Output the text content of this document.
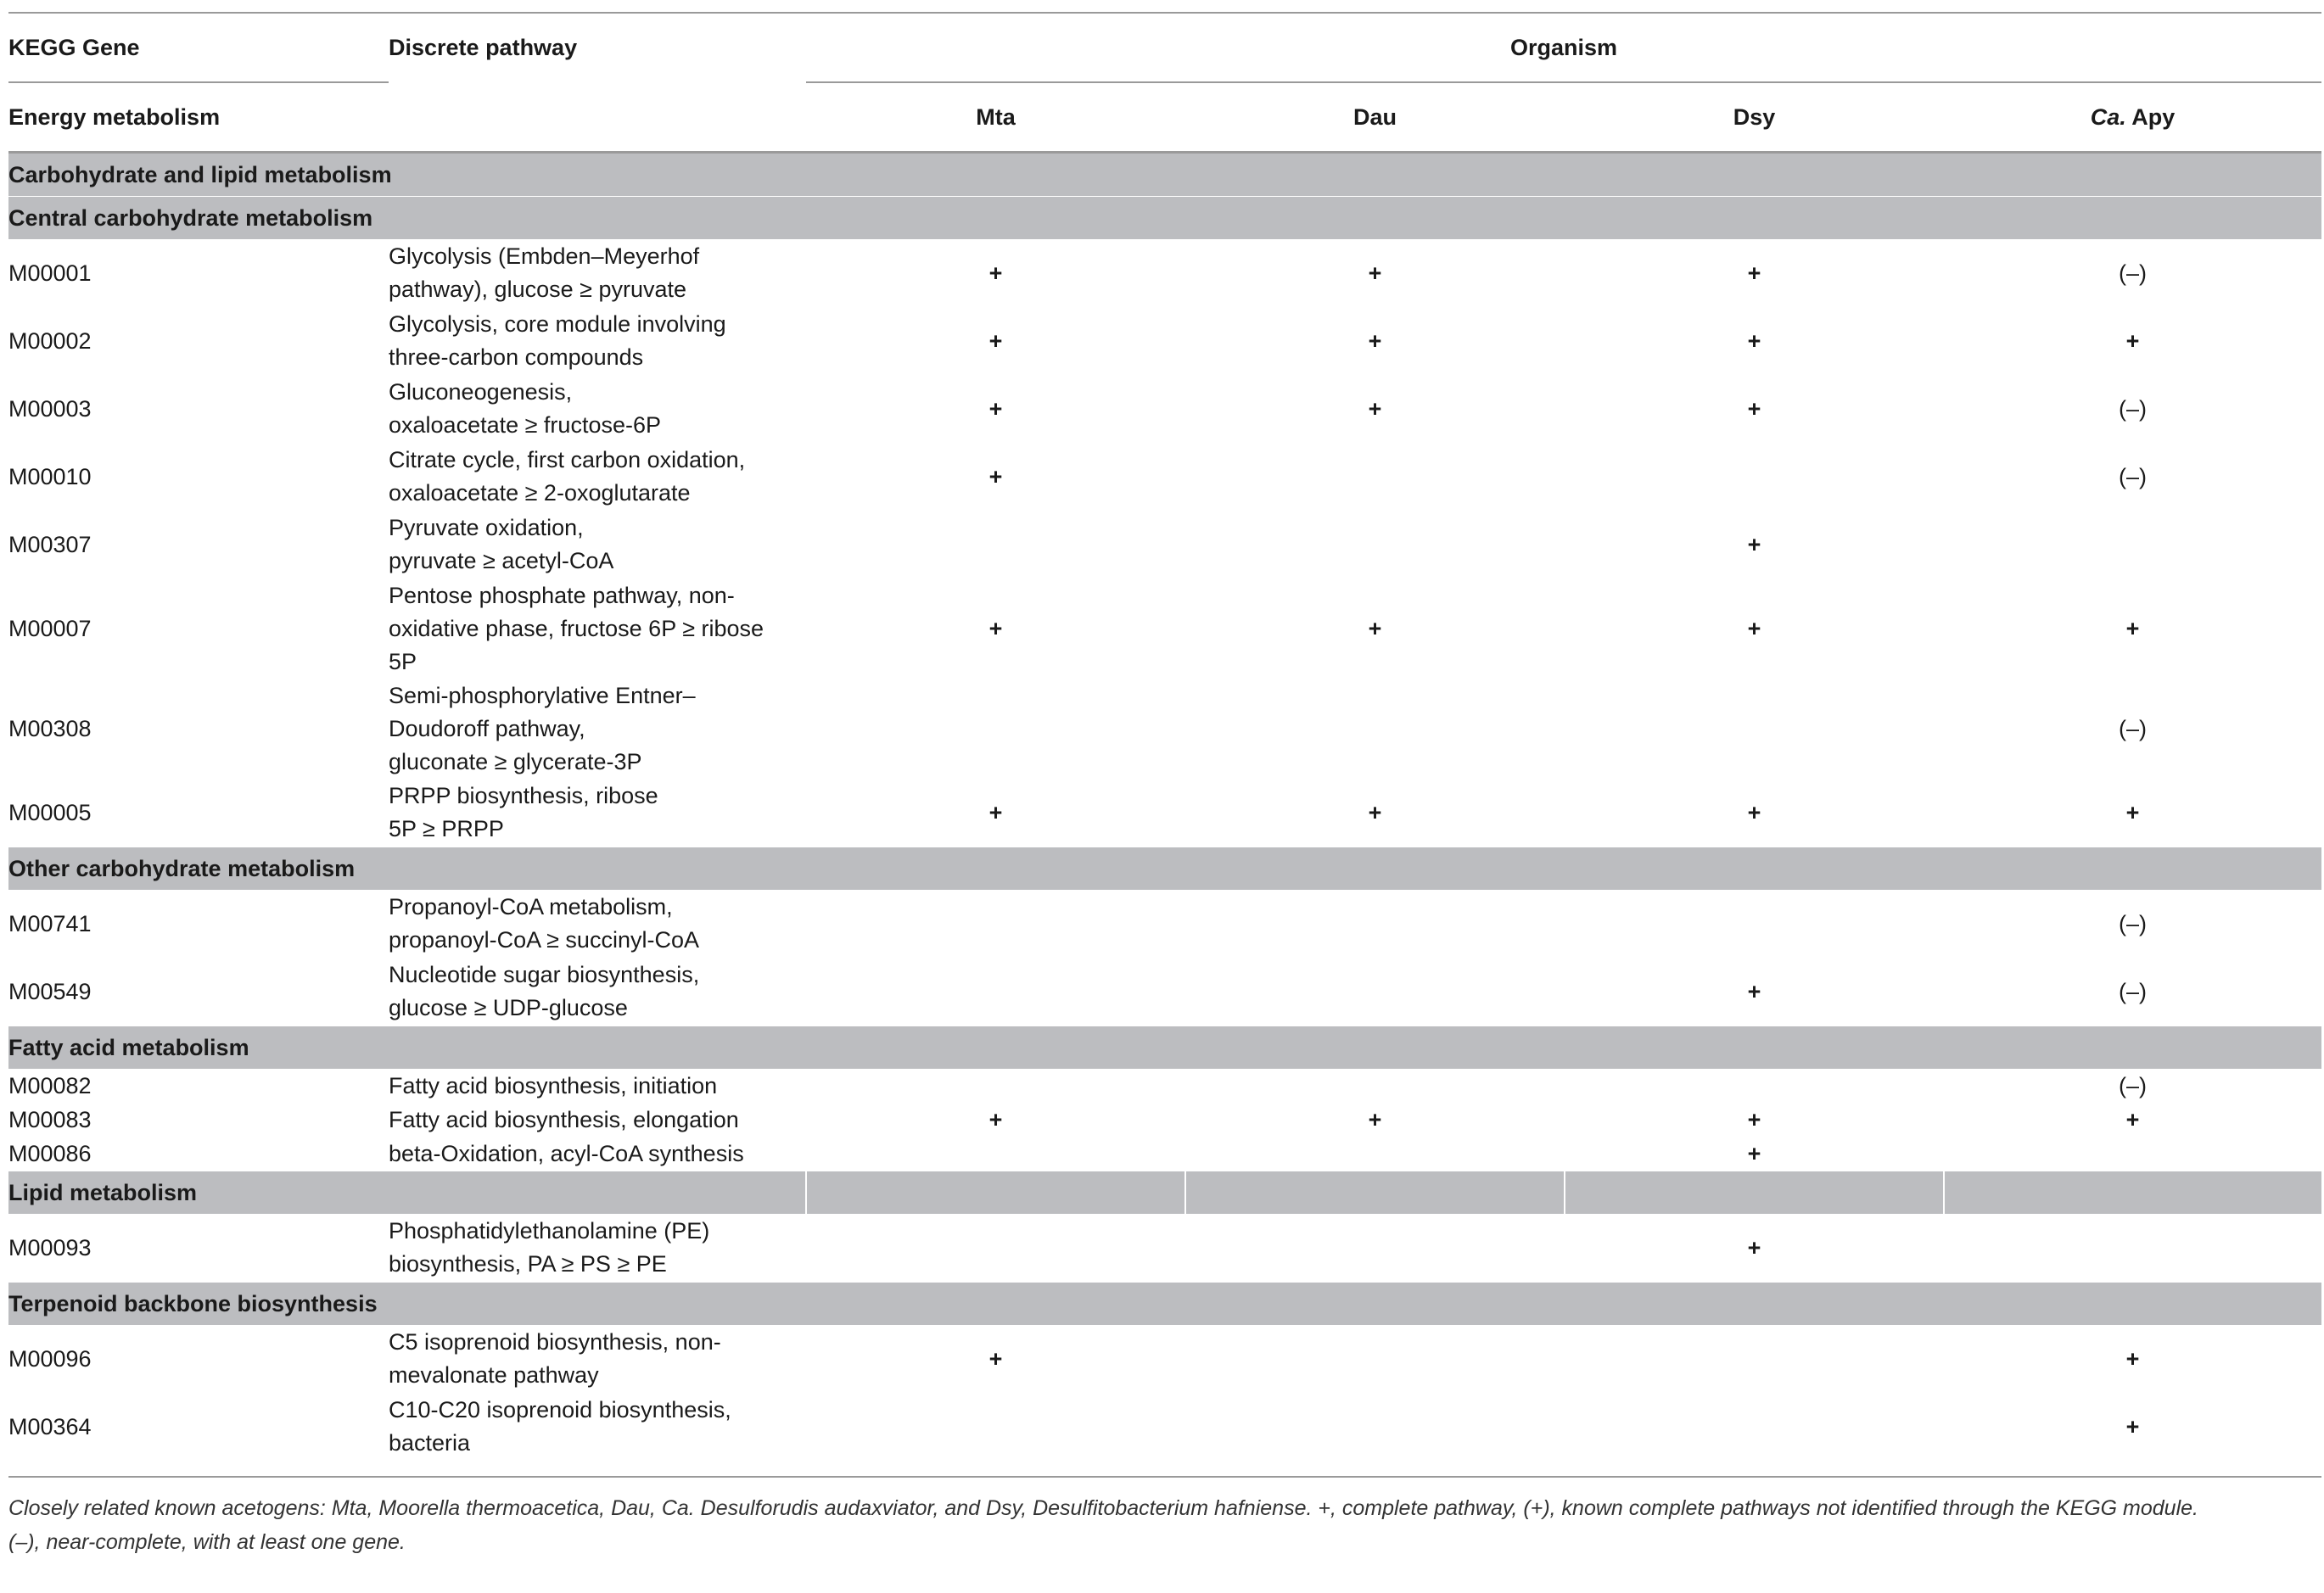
KEGG Gene	Discrete pathway	Organism			
Energy metabolism		Mta	Dau	Dsy	Ca. Apy
Carbohydrate and lipid metabolism					
Central carbohydrate metabolism					
M00001	Glycolysis (Embden–Meyerhof
pathway), glucose ≥ pyruvate	+	+	+	(–)
M00002	Glycolysis, core module involving
three-carbon compounds	+	+	+	+
M00003	Gluconeogenesis,
oxaloacetate ≥ fructose-6P	+	+	+	(–)
M00010	Citrate cycle, first carbon oxidation,
oxaloacetate ≥ 2-oxoglutarate	+			(–)
M00307	Pyruvate oxidation,
pyruvate ≥ acetyl-CoA			+	
M00007	Pentose phosphate pathway, non-
oxidative phase, fructose 6P ≥ ribose
5P	+	+	+	+
M00308	Semi-phosphorylative Entner–
Doudoroff pathway,
gluconate ≥ glycerate-3P				(–)
M00005	PRPP biosynthesis, ribose
5P ≥ PRPP	+	+	+	+
Other carbohydrate metabolism					
M00741	Propanoyl-CoA metabolism,
propanoyl-CoA ≥ succinyl-CoA				(–)
M00549	Nucleotide sugar biosynthesis,
glucose ≥ UDP-glucose			+	(–)
Fatty acid metabolism					
M00082	Fatty acid biosynthesis, initiation				(–)
M00083	Fatty acid biosynthesis, elongation	+	+	+	+
M00086	beta-Oxidation, acyl-CoA synthesis			+	
Lipid metabolism					
M00093	Phosphatidylethanolamine (PE)
biosynthesis, PA ≥ PS ≥ PE			+	
Terpenoid backbone biosynthesis					
M00096	C5 isoprenoid biosynthesis, non-
mevalonate pathway	+			+
M00364	C10-C20 isoprenoid biosynthesis,
bacteria				+

Closely related known acetogens: Mta, Moorella thermoacetica, Dau, Ca. Desulforudis audaxviator, and Dsy, Desulfitobacterium hafniense. +, complete pathway, (+), known complete pathways not identified through the KEGG module.
(–), near-complete, with at least one gene.
